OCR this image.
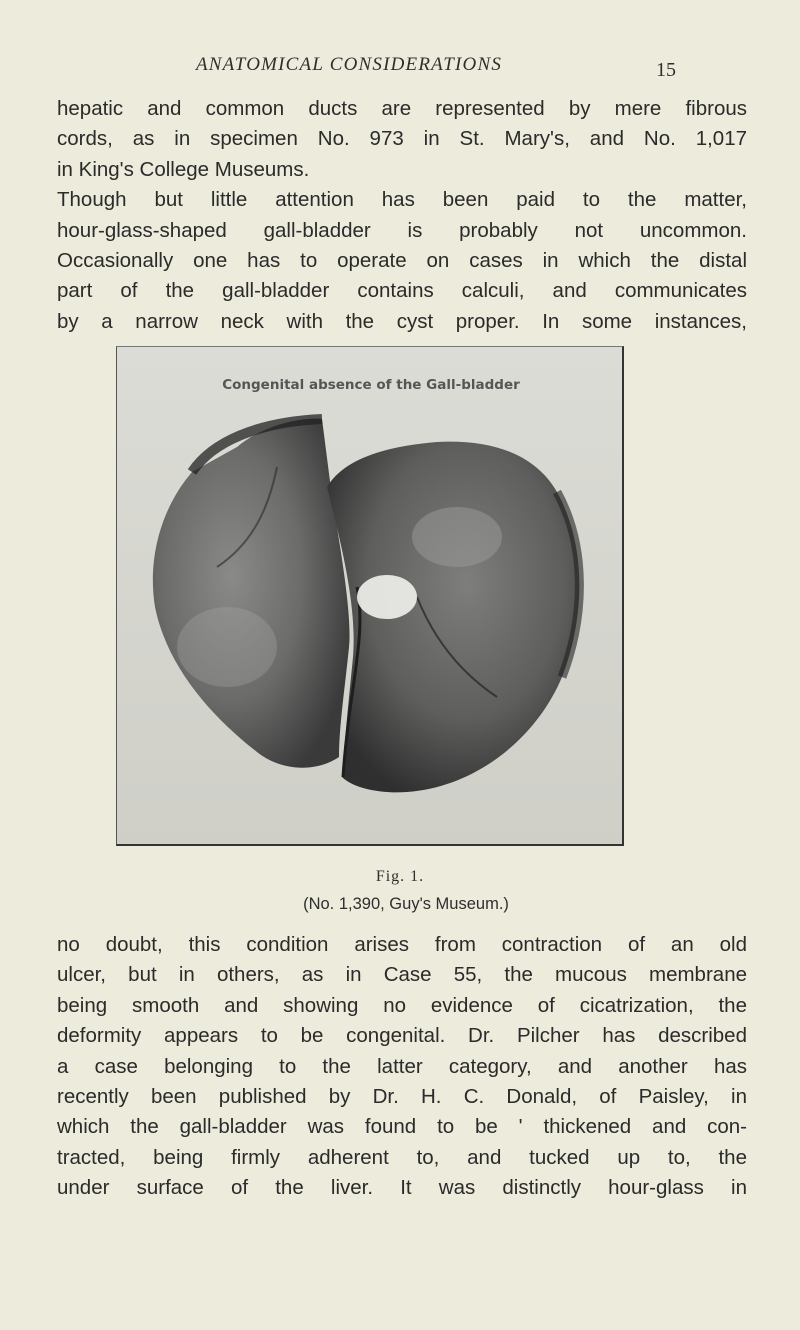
ANATOMICAL CONSIDERATIONS	15

hepatic and common ducts are represented by mere fibrous
cords, as in specimen No. 973 in St. Mary's, and No. 1,017
in King's College Museums.
Though but little attention has been paid to the matter,
hour-glass-shaped gall-bladder is probably not uncommon.
Occasionally one has to operate on cases in which the distal
part of the gall-bladder contains calculi, and communicates
by a narrow neck with the cyst proper. In some instances,

Congenital absence of the Gall-bladder
Fig. 1.
(No. 1,390, Guy's Museum.)

no doubt, this condition arises from contraction of an old
ulcer, but in others, as in Case 55, the mucous membrane
being smooth and showing no evidence of cicatrization, the
deformity appears to be congenital. Dr. Pilcher has described
a case belonging to the latter category, and another has
recently been published by Dr. H. C. Donald, of Paisley, in
which the gall-bladder was found to be ' thickened and con-
tracted, being firmly adherent to, and tucked up to, the
under surface of the liver. It was distinctly hour-glass in
